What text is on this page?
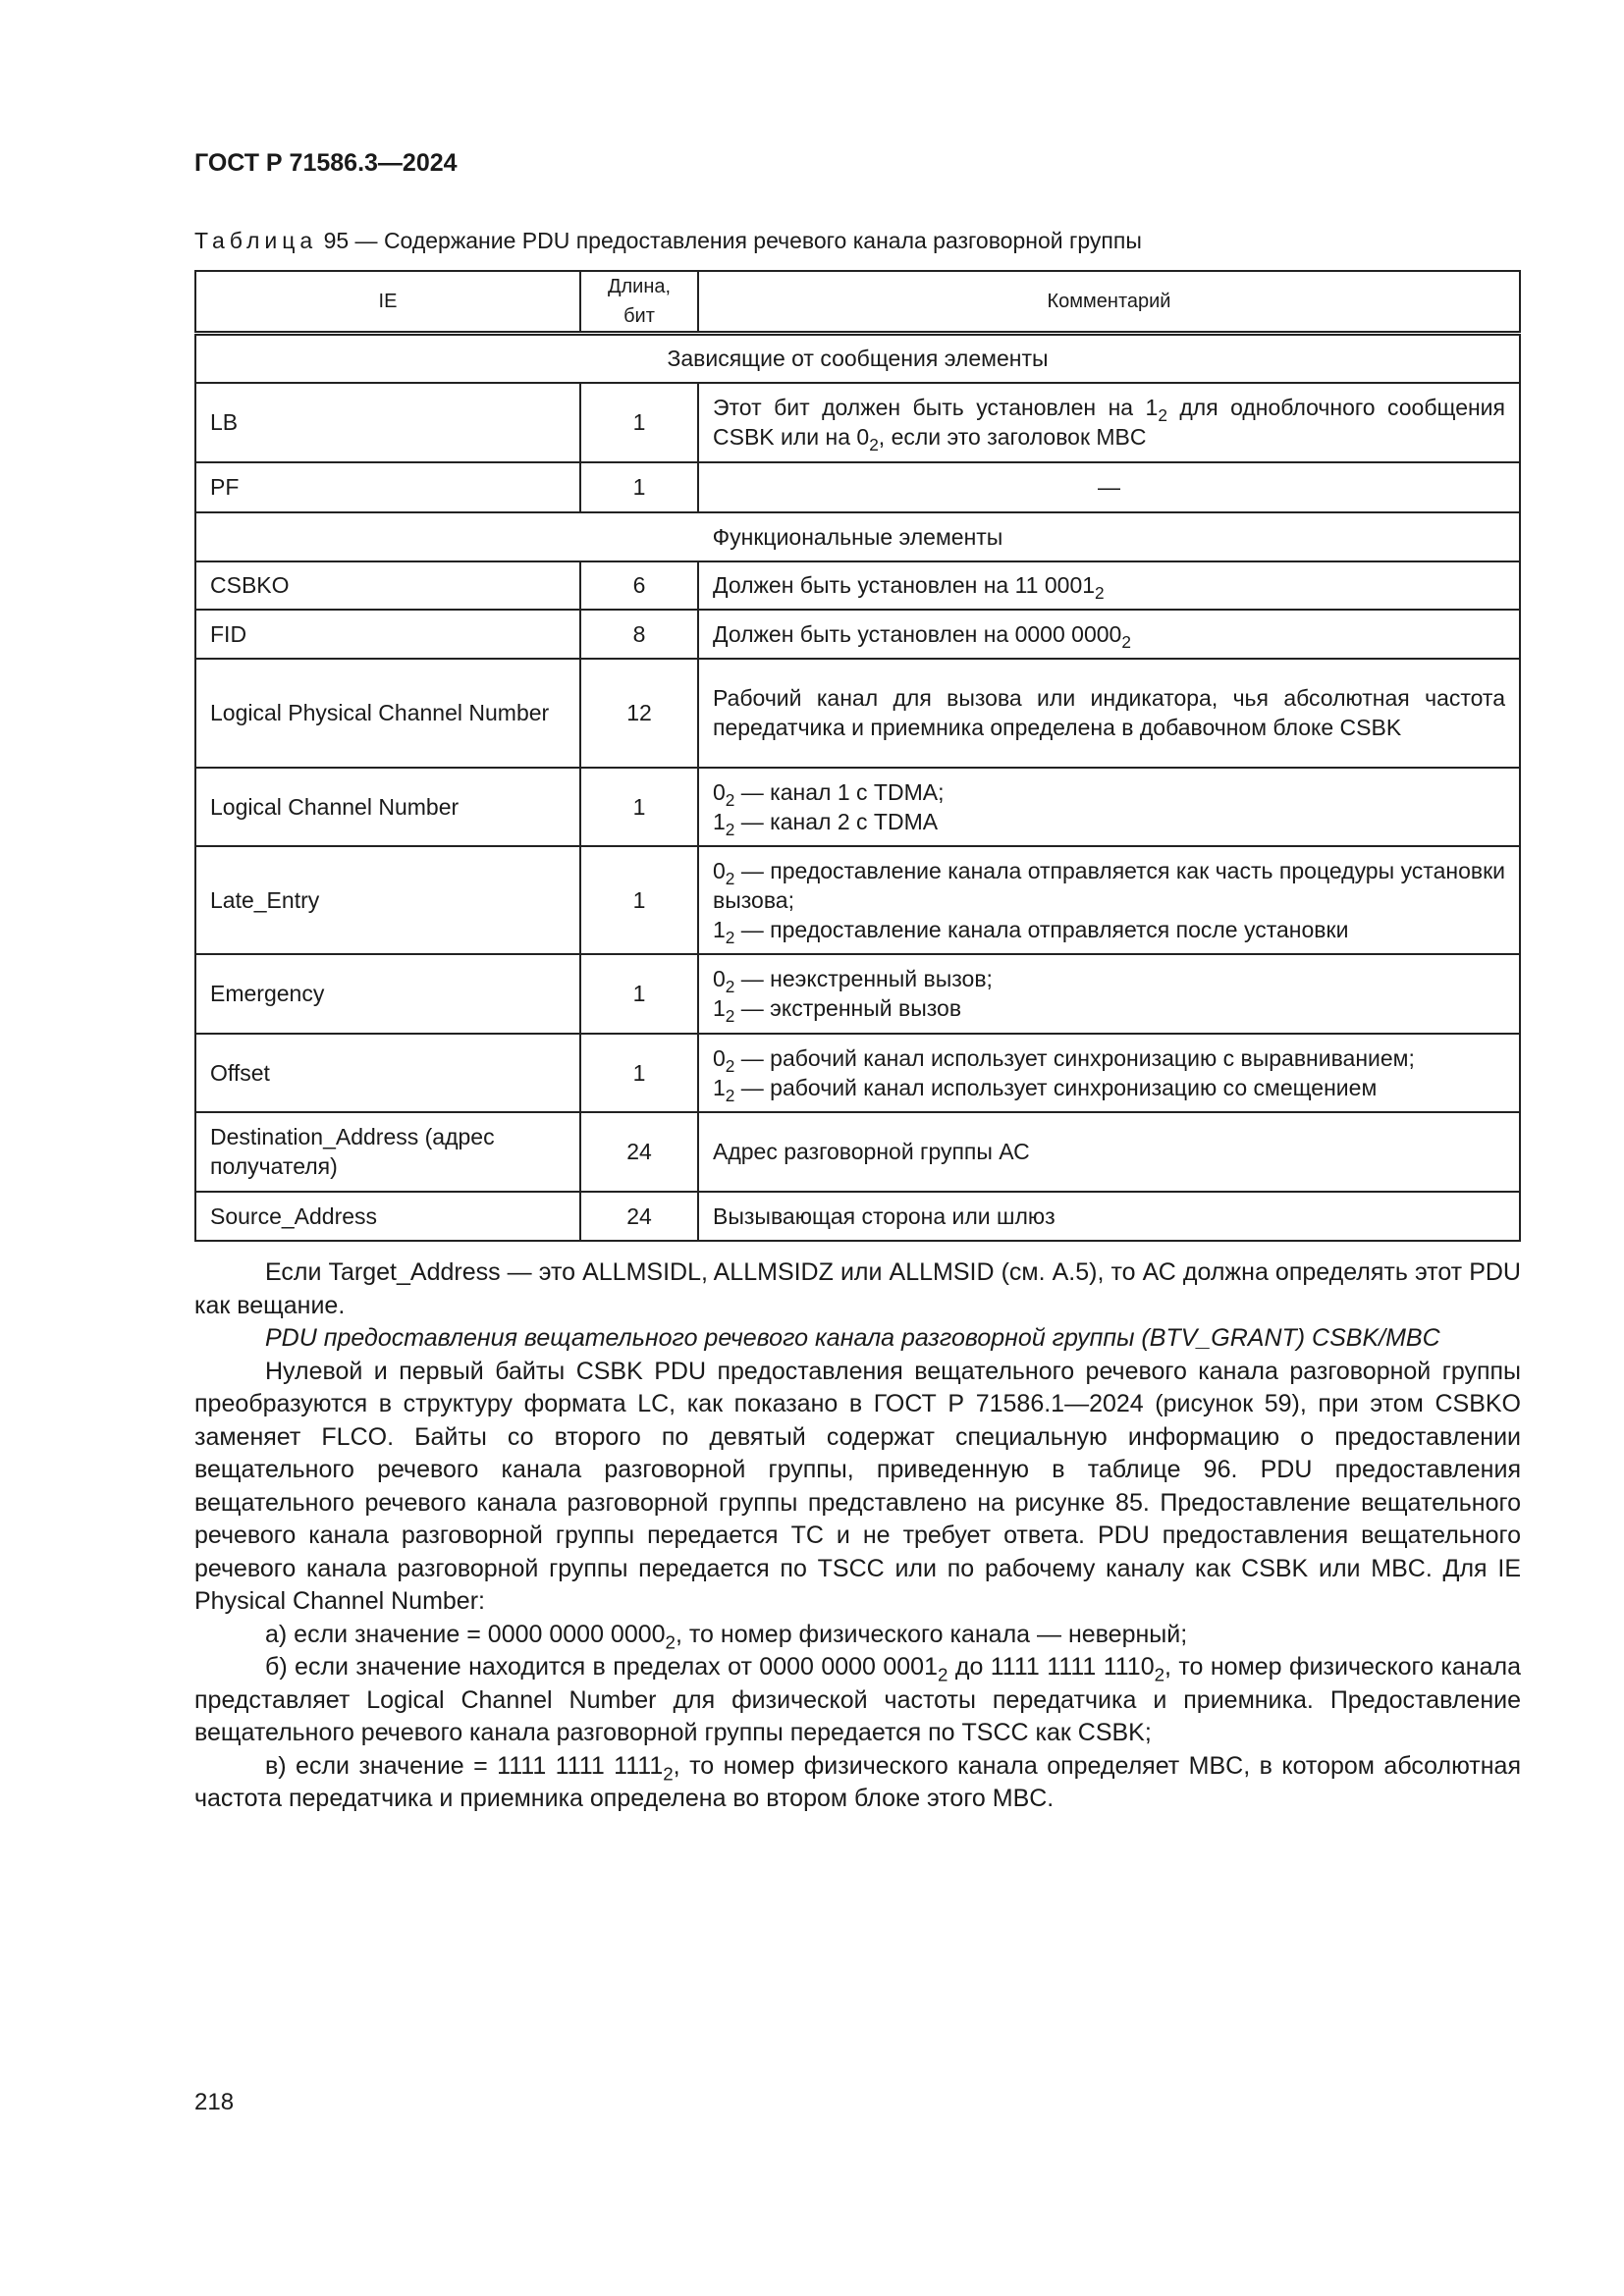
ГОСТ Р 71586.3—2024
Таблица 95 — Содержание PDU предоставления речевого канала разговорной группы
IE	Длина, бит	Комментарий
Зависящие от сообщения элементы		
LB	1	Этот бит должен быть установлен на $1_2$ для одноблочного сообщения CSBK или на $0_2$, если это заголовок MBC
PF	1	—
Функциональные элементы		
CSBKO	6	Должен быть установлен на 11 $0001_2$
FID	8	Должен быть установлен на 0000 $0000_2$
Logical Physical Channel Number	12	Рабочий канал для вызова или индикатора, чья абсолютная частота передатчика и приемника определена в добавочном блоке CSBK
Logical Channel Number	1	$0_2$ — канал 1 с TDMA;
$1_2$ — канал 2 с TDMA
Late_Entry	1	$0_2$ — предоставление канала отправляется как часть процедуры установки вызова;
$1_2$ — предоставление канала отправляется после установки
Emergency	1	$0_2$ — неэкстренный вызов;
$1_2$ — экстренный вызов
Offset	1	$0_2$ — рабочий канал использует синхронизацию с выравниванием;
$1_2$ — рабочий канал использует синхронизацию со смещением
Destination_Address (адрес получателя)	24	Адрес разговорной группы АС
Source_Address	24	Вызывающая сторона или шлюз

Если Target_Address — это ALLMSIDL, ALLMSIDZ или ALLMSID (см. А.5), то АС должна определять этот PDU как вещание.

PDU предоставления вещательного речевого канала разговорной группы (BTV_GRANT) CSBK/MBC

Нулевой и первый байты CSBK PDU предоставления вещательного речевого канала разговорной группы преобразуются в структуру формата LC, как показано в ГОСТ Р 71586.1—2024 (рисунок 59), при этом CSBKO заменяет FLCO. Байты со второго по девятый содержат специальную информацию о предоставлении вещательного речевого канала разговорной группы, приведенную в таблице 96. PDU предоставления вещательного речевого канала разговорной группы представлено на рисунке 85. Предоставление вещательного речевого канала разговорной группы передается ТС и не требует ответа. PDU предоставления вещательного речевого канала разговорной группы передается по TSCC или по рабочему каналу как CSBK или MBC. Для IE Physical Channel Number:

а) если значение = 0000 0000 $0000_2$, то номер физического канала — неверный;

б) если значение находится в пределах от 0000 0000 $0001_2$ до 1111 1111 $1110_2$, то номер физического канала представляет Logical Channel Number для физической частоты передатчика и приемника. Предоставление вещательного речевого канала разговорной группы передается по TSCC как CSBK;

в) если значение = 1111 1111 $1111_2$, то номер физического канала определяет MBC, в котором абсолютная частота передатчика и приемника определена во втором блоке этого MBC.

218
